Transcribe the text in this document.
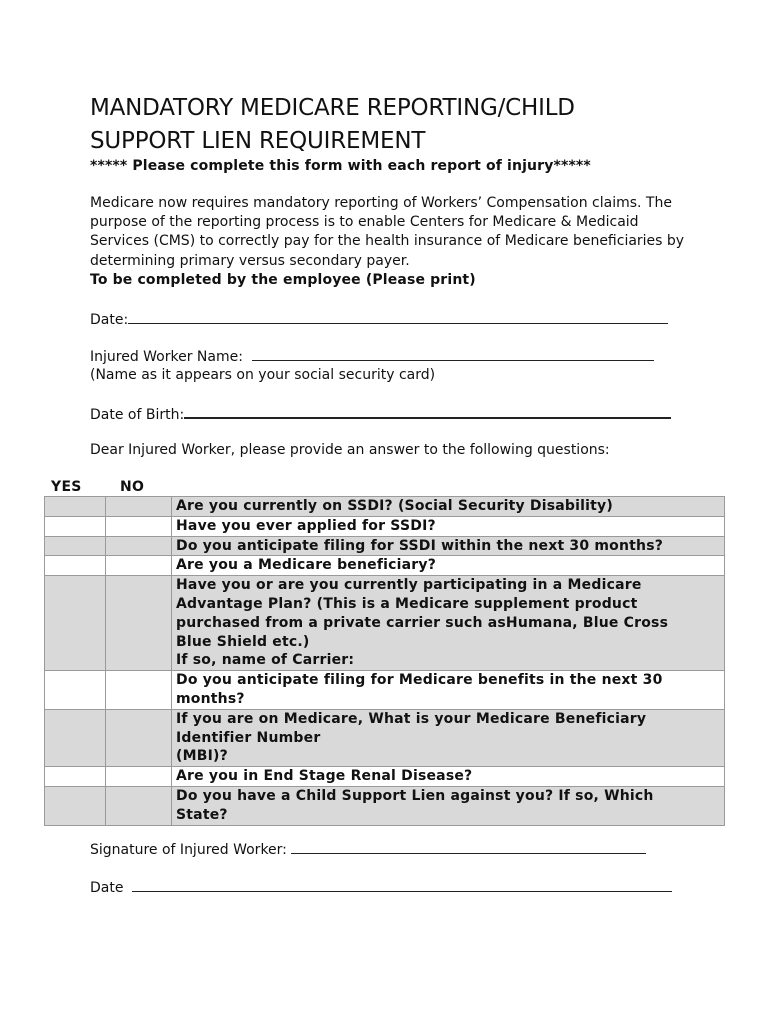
MANDATORY MEDICARE REPORTING/CHILD
SUPPORT LIEN REQUIREMENT
***** Please complete this form with each report of injury*****

Medicare now requires mandatory reporting of Workers’ Compensation claims. The purpose of the reporting process is to enable Centers for Medicare & Medicaid Services (CMS) to correctly pay for the health insurance of Medicare beneficiaries by determining primary versus secondary payer.

To be completed by the employee (Please print)

Date:
Injured Worker Name:
(Name as it appears on your social security card)
Date of Birth:
Dear Injured Worker, please provide an answer to the following questions:
YES	NO

		Are you currently on SSDI? (Social Security Disability)

		Have you ever applied for SSDI?

		Do you anticipate filing for SSDI within the next 30 months?

		Are you a Medicare beneficiary?

		Have you or are you currently participating in a Medicare
Advantage Plan? (This is a Medicare supplement product
purchased from a private carrier such asHumana, Blue Cross
Blue Shield etc.)
If so, name of Carrier:

		Do you anticipate filing for Medicare benefits in the next 30
months?

		If you are on Medicare, What is your Medicare Beneficiary
Identifier Number
(MBI)?

		Are you in End Stage Renal Disease?

		Do you have a Child Support Lien against you? If so, Which
State?
Signature of Injured Worker:
Date
